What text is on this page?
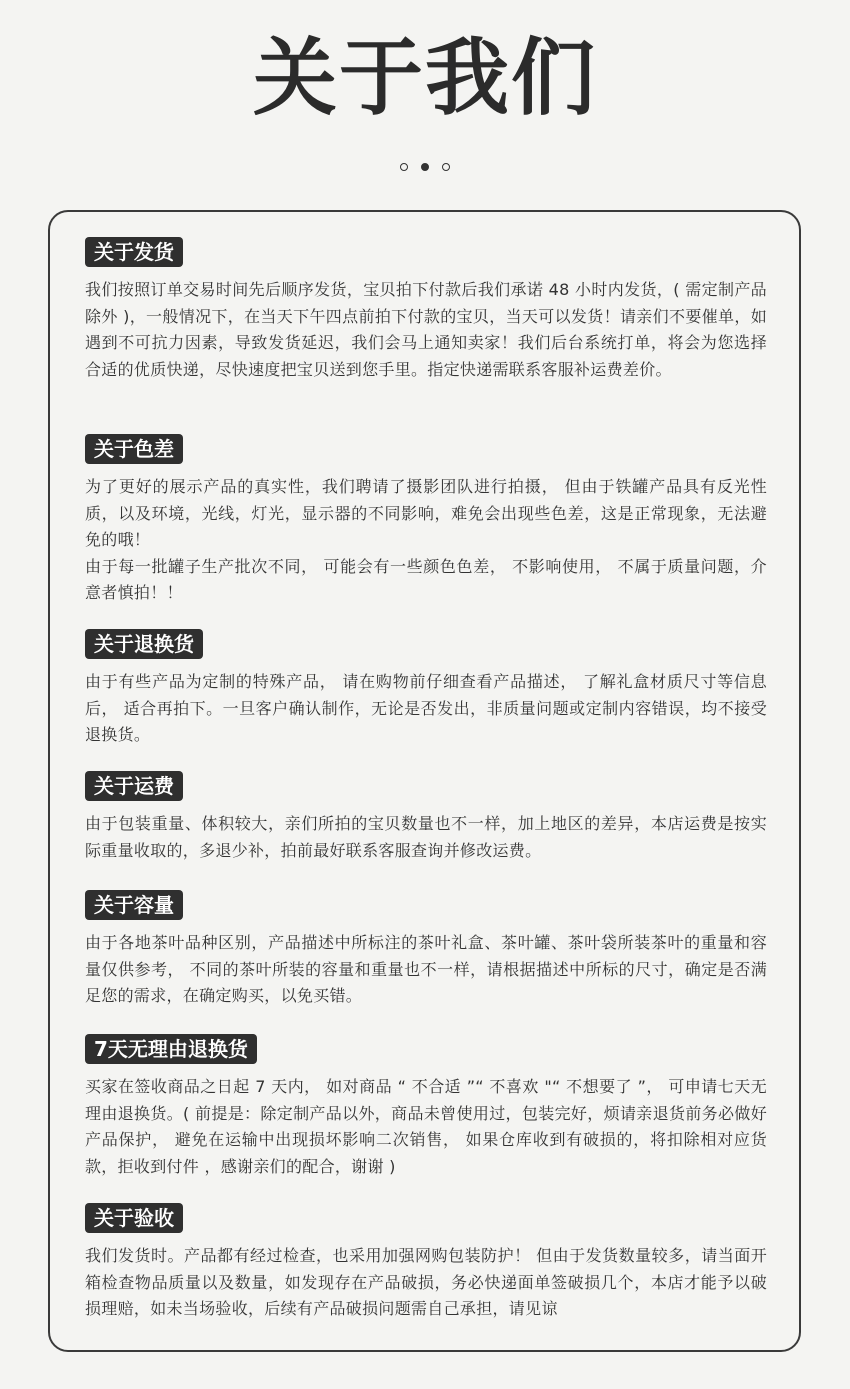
关于我们
关于发货

我们按照订单交易时间先后顺序发货，宝贝拍下付款后我们承诺 48 小时内发货，( 需定制产品除外 )，一般情况下，在当天下午四点前拍下付款的宝贝，当天可以发货！请亲们不要催单，如遇到不可抗力因素，导致发货延迟，我们会马上通知卖家！我们后台系统打单，将会为您选择合适的优质快递，尽快速度把宝贝送到您手里。指定快递需联系客服补运费差价。

关于色差

为了更好的展示产品的真实性，我们聘请了摄影团队进行拍摄， 但由于铁罐产品具有反光性质，以及环境，光线，灯光，显示器的不同影响，难免会出现些色差，这是正常现象，无法避免的哦！

由于每一批罐子生产批次不同， 可能会有一些颜色色差， 不影响使用， 不属于质量问题，介意者慎拍！！

关于退换货

由于有些产品为定制的特殊产品， 请在购物前仔细查看产品描述， 了解礼盒材质尺寸等信息后， 适合再拍下。一旦客户确认制作，无论是否发出，非质量问题或定制内容错误，均不接受退换货。

关于运费

由于包装重量、体积较大，亲们所拍的宝贝数量也不一样，加上地区的差异，本店运费是按实际重量收取的，多退少补，拍前最好联系客服查询并修改运费。

关于容量

由于各地茶叶品种区别，产品描述中所标注的茶叶礼盒、茶叶罐、茶叶袋所装茶叶的重量和容量仅供参考， 不同的茶叶所装的容量和重量也不一样，请根据描述中所标的尺寸，确定是否满足您的需求，在确定购买，以免买错。

7天无理由退换货

买家在签收商品之日起 7 天内， 如对商品 “ 不合适 ”“ 不喜欢 "“ 不想要了 ”， 可申请七天无理由退换货。( 前提是：除定制产品以外，商品未曾使用过，包装完好，烦请亲退货前务必做好产品保护， 避免在运输中出现损坏影响二次销售， 如果仓库收到有破损的，将扣除相对应货款，拒收到付件 ，感谢亲们的配合，谢谢 )

关于验收

我们发货时。产品都有经过检查，也采用加强网购包装防护！ 但由于发货数量较多，请当面开箱检查物品质量以及数量，如发现存在产品破损，务必快递面单签破损几个，本店才能予以破损理赔，如未当场验收，后续有产品破损问题需自己承担，请见谅
